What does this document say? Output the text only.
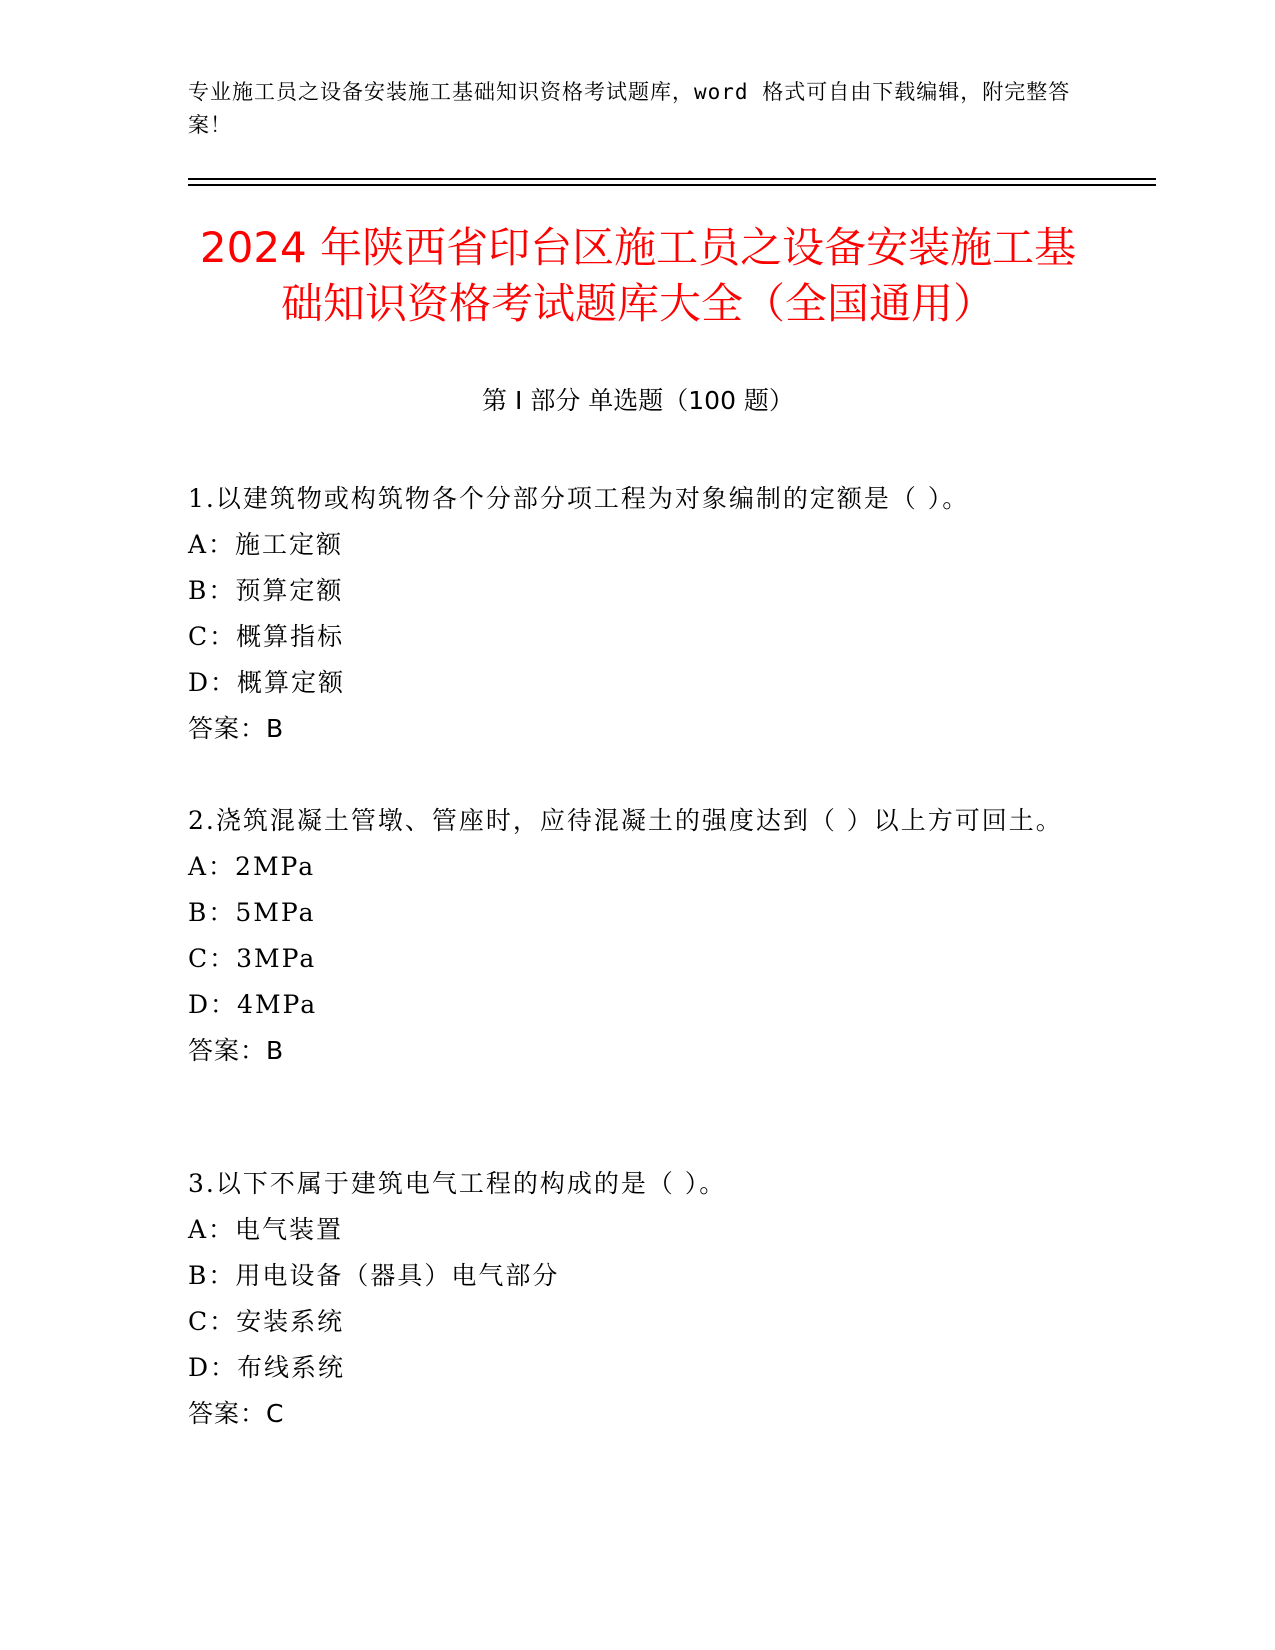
专业施工员之设备安装施工基础知识资格考试题库，word 格式可自由下载编辑，附完整答案！
2024 年陕西省印台区施工员之设备安装施工基础知识资格考试题库大全（全国通用）
第 I 部分 单选题（100 题）

1.以建筑物或构筑物各个分部分项工程为对象编制的定额是（ ）。

A：施工定额

B：预算定额

C：概算指标

D：概算定额

答案：B

2.浇筑混凝土管墩、管座时，应待混凝土的强度达到（ ）以上方可回土。

A：2MPa

B：5MPa

C：3MPa

D：4MPa

答案：B

3.以下不属于建筑电气工程的构成的是（ ）。

A：电气装置

B：用电设备（器具）电气部分

C：安装系统

D：布线系统

答案：C
